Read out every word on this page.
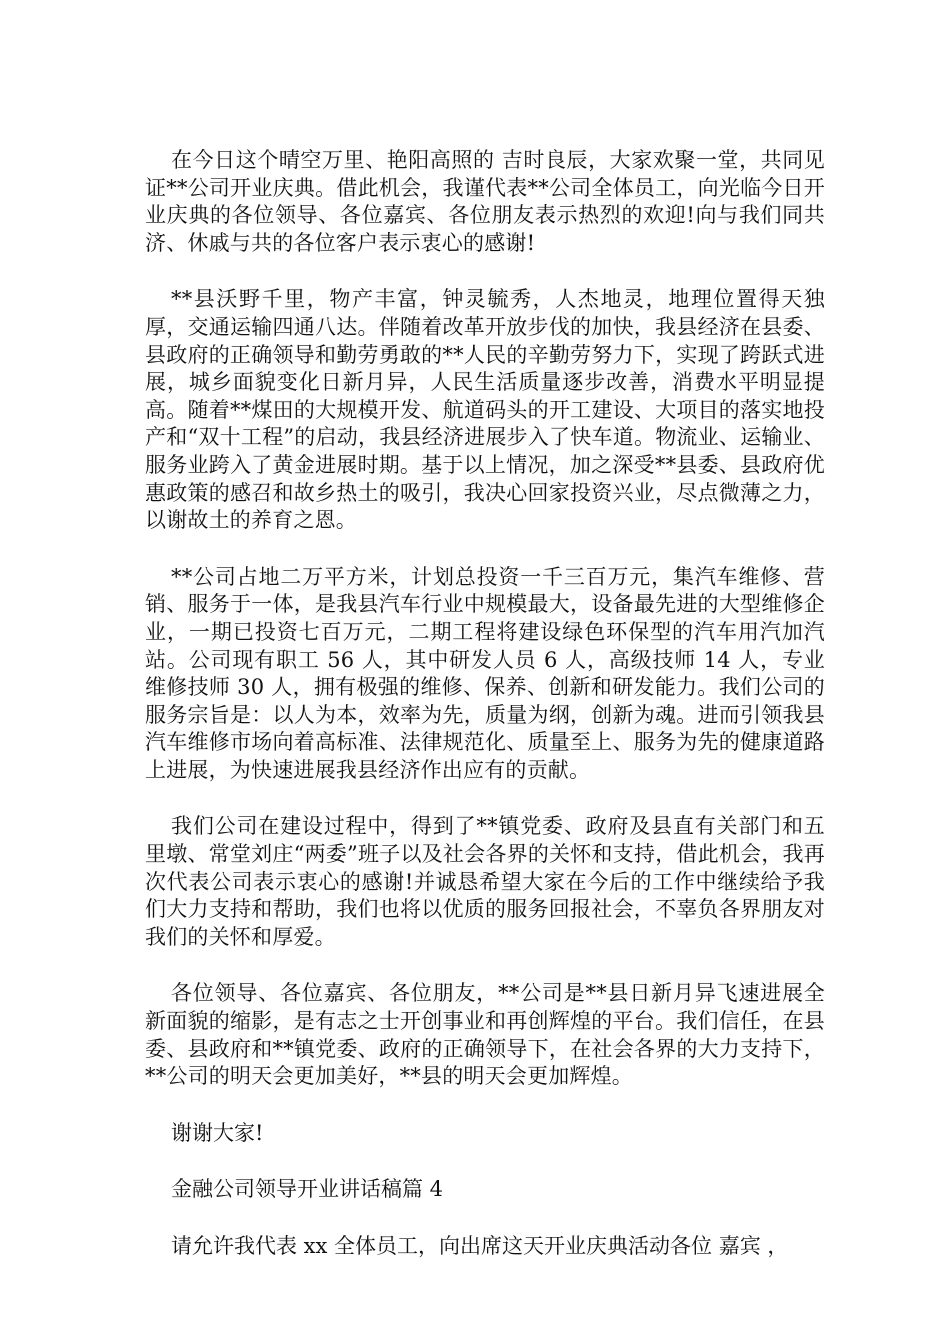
在今日这个晴空万里、艳阳高照的 吉时良辰，大家欢聚一堂，共同见证**公司开业庆典。借此机会，我谨代表**公司全体员工，向光临今日开业庆典的各位领导、各位嘉宾、各位朋友表示热烈的欢迎!向与我们同共济、休戚与共的各位客户表示衷心的感谢!

**县沃野千里，物产丰富，钟灵毓秀，人杰地灵，地理位置得天独厚，交通运输四通八达。伴随着改革开放步伐的加快，我县经济在县委、县政府的正确领导和勤劳勇敢的**人民的辛勤劳努力下，实现了跨跃式进展，城乡面貌变化日新月异，人民生活质量逐步改善，消费水平明显提高。随着**煤田的大规模开发、航道码头的开工建设、大项目的落实地投产和“双十工程”的启动，我县经济进展步入了快车道。物流业、运输业、服务业跨入了黄金进展时期。基于以上情况，加之深受**县委、县政府优惠政策的感召和故乡热土的吸引，我决心回家投资兴业，尽点微薄之力，以谢故土的养育之恩。

**公司占地二万平方米，计划总投资一千三百万元，集汽车维修、营销、服务于一体，是我县汽车行业中规模最大，设备最先进的大型维修企业，一期已投资七百万元，二期工程将建设绿色环保型的汽车用汽加汽站。公司现有职工 56 人，其中研发人员 6 人，高级技师 14 人，专业维修技师 30 人，拥有极强的维修、保养、创新和研发能力。我们公司的服务宗旨是：以人为本，效率为先，质量为纲，创新为魂。进而引领我县汽车维修市场向着高标准、法律规范化、质量至上、服务为先的健康道路上进展，为快速进展我县经济作出应有的贡献。

我们公司在建设过程中，得到了**镇党委、政府及县直有关部门和五里墩、常堂刘庄“两委”班子以及社会各界的关怀和支持，借此机会，我再次代表公司表示衷心的感谢!并诚恳希望大家在今后的工作中继续给予我们大力支持和帮助，我们也将以优质的服务回报社会，不辜负各界朋友对我们的关怀和厚爱。

各位领导、各位嘉宾、各位朋友，**公司是**县日新月异飞速进展全新面貌的缩影，是有志之士开创事业和再创辉煌的平台。我们信任，在县委、县政府和**镇党委、政府的正确领导下，在社会各界的大力支持下，**公司的明天会更加美好，**县的明天会更加辉煌。

谢谢大家!

金融公司领导开业讲话稿篇 4

请允许我代表 xx 全体员工，向出席这天开业庆典活动各位 嘉宾 ，
